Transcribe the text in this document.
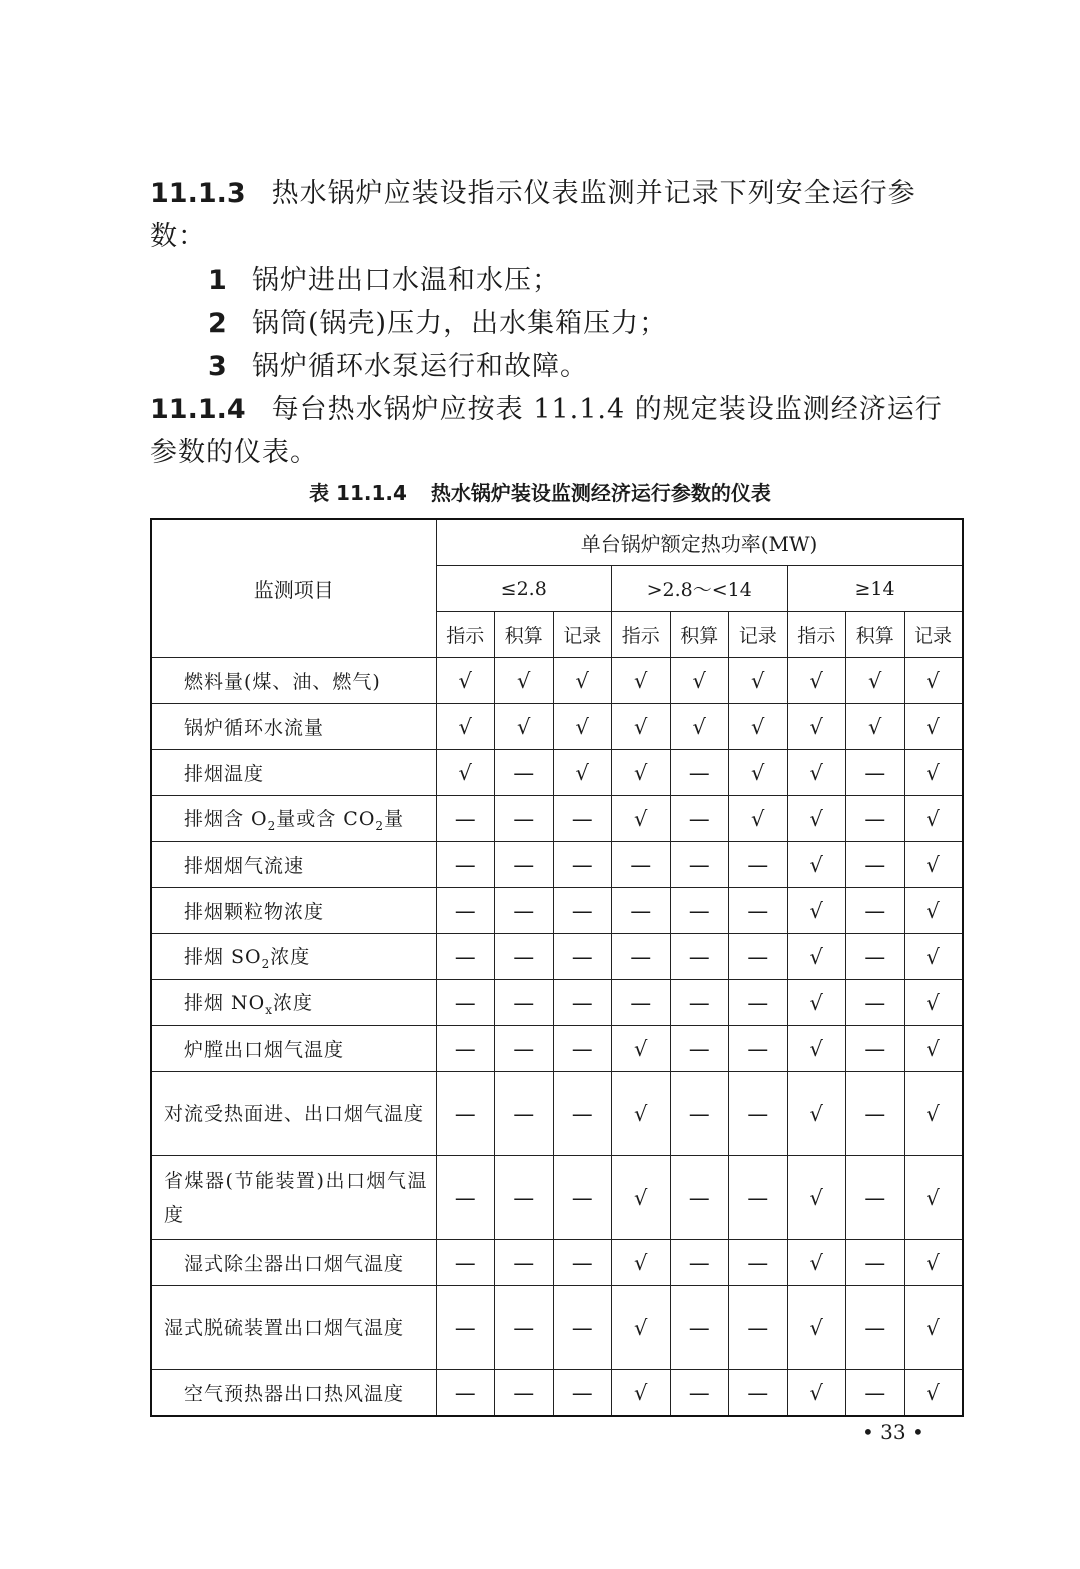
11.1.3 热水锅炉应装设指示仪表监测并记录下列安全运行参数：
1 锅炉进出口水温和水压；
2 锅筒(锅壳)压力，出水集箱压力；
3 锅炉循环水泵运行和故障。
11.1.4 每台热水锅炉应按表 11.1.4 的规定装设监测经济运行参数的仪表。
表 11.1.4 热水锅炉装设监测经济运行参数的仪表
监测项目	单台锅炉额定热功率(MW)								
	≤2.8			>2.8～<14			≥14		
	指示	积算	记录	指示	积算	记录	指示	积算	记录
燃料量(煤、油、燃气)	√	√	√	√	√	√	√	√	√
锅炉循环水流量	√	√	√	√	√	√	√	√	√
排烟温度	√	—	√	√	—	√	√	—	√
排烟含 $O_2$量或含 $CO_2$量	—	—	—	√	—	√	√	—	√
排烟烟气流速	—	—	—	—	—	—	√	—	√
排烟颗粒物浓度	—	—	—	—	—	—	√	—	√
排烟 $SO_2$浓度	—	—	—	—	—	—	√	—	√
排烟 $NO_x$浓度	—	—	—	—	—	—	√	—	√
炉膛出口烟气温度	—	—	—	√	—	—	√	—	√
对流受热面进、出口烟气温度	—	—	—	√	—	—	√	—	√
省煤器(节能装置)出口烟气温度	—	—	—	√	—	—	√	—	√
湿式除尘器出口烟气温度	—	—	—	√	—	—	√	—	√
湿式脱硫装置出口烟气温度	—	—	—	√	—	—	√	—	√
空气预热器出口热风温度	—	—	—	√	—	—	√	—	√
• 33 •
